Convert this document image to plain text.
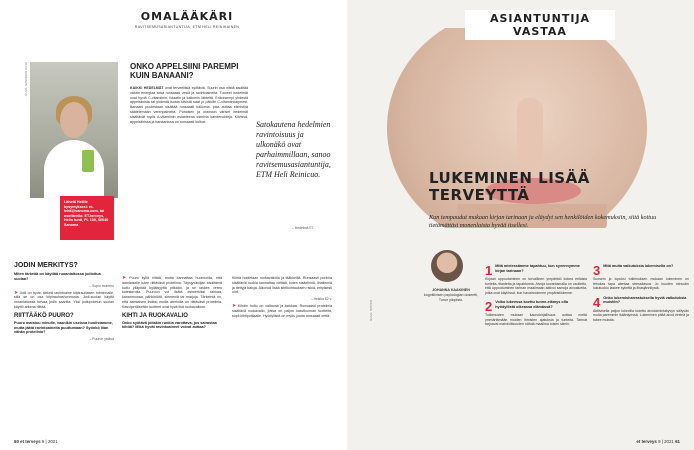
OMALÄÄKÄRI
RAVITSEMUSASIANTUNTIJA, ETM HELI REINIKAINEN
KUVA: SANOMAN KUVA
Lähetä Helille kysymyksesi: et-lehti@sanoma.com, tai osoitteella: ET-terveys, Helin tunti, PL 100, 00040 Sanoma
ONKO APPELSIINI PAREMPI KUIN BANAANI?
KAIKKI HEDELMÄT ovat terveellisiä syötäviä. Suurin osa niistä sisältää vähän energiaa sekä runsaasti vesiä ja ravintoaineita. Tuoreet hedelmät ovat hyviä C-vitamiinin, folaatin ja kaliumin lähteitä. Erikoisempi yhdestä appelsiinista tai yhdestä isosta kiivistä saat jo päivän C-vitamiinitarpeesi. Banaani puolestaan sisältää runsaasti kaliumia, joka auttaa elimistöä säätelemään verenpainetta. Punaisen ja oranssin väriset hedelmät sisältävät myös A-vitamiinin esiasteena toimivia karotenoideja. Kiivissä, appelsiinissa ja banaanissa on runsaasti kuitua.	Satokautena hedelmien ravintoisuus ja ulkonäkö ovat parhaimmillaan, sanoo ravitsemusasiantuntija, ETM Heli Reinicuo.
– Hedelmä ET
JODIN MERKITYS?
Miten tärkeää on käyttää ruoanlaitossa jodioitua suolaa?
– Sopio mummo
➤ Jodi on hyvin tärkeä ravintoaine kilpirauhasen toiminnalle, sillä se on osa kilpirauhashormonia. Jodi-suolan käyttö ruoanlaitossa turvaa jodin saantia. Yksi jodiupotetun suolan käyttö arkena riittää.
RIITTÄÄKÖ PUURO?
Puuro maistuu minulle, vaanikin useissa huolistamme, mutta jäätä ravintoaineita puuttumaan? Syönkö liian vähän proteiinia?
– Puuron ystävä
➤ Puuro kyllä riittää, mutta kannattaa huomioida, että aamiaiselle tulee riittävästi proteiinia. Täysjyväviljan sisältämä kuitu ylläpitää kylläisyyttä pitkään, ja se laskee veren kolesterolia. Puuroon voi lisätä esimerkiksi rahkaa, kananmunaa, pähkinöitä, siemeniä tai marjoja. Tärkeintä on, että aamiaisen lisäksi muilla aterioilla on riittävästi proteiinia. Kasviperäisetkin tuotteet ovat hyvä lisä ruokavalioon.
KIHTI JA RUOKAVALIO
Onko syötävä joitakin ruokia varottava, jos sairastaa kihtiä? Mikä hyvät ravintoaineet voivat auttaa?
Kihtiä hoidetaan ruokavaliolla ja lääkkeillä. Runsaasti puriinia sisältäviä ruokia kannattaa välttää, kuten sisäelimiä, lihaliemiä ja tiettyjä kaloja. Alkoholi lisää kihtikohtauksen riskiä, erityisesti olut.
– Heikko 62 v.
➤ Kihdin hoito on valtavaa ja tarkkaa. Runsaasti proteiinia sisältävä ruokavalio, jossa on paljon kasvikunnan tuotteita, sopii kihtipotilaalle. Hyödyllistä on myös juoda runsaasti vettä.
60 et terveys 9 | 2021
ASIANTUNTIJA VASTAA
LUKEMINEN LISÄÄ TERVEYTTÄ
Kun tempaudut mukaan kirjan tarinaan ja eläydyt sen henkilöiden kokemuksiin, siitä koituu tietämättäsi monenlaista hyvää itsellesi.
JOHANNA KAAKINEN
kognitiivisen psykologian dosentti, Turun yliopisto.
1 Mitä mielessämme tapahtuu, kun syvennymme kirjan tarinaan?
Kirjaan uppoutuminen on turvallinen ympäristö kokea erilaisia tunteita, tilanteita ja tapahtumia. Aivoja kuvantamalla on osoitettu, että uppoutuminen tarinan maailmaan aktivoi samoja aivoalueita, jotka ovat käytössä, kun havainnoimme ympäristöämme.
2 Voiko lukeessa koettu tunne-elämys olla hyödyllistä oikeassa elämässä?
Tutkimusten mukaan kaunokirjallisuus auttaa meitä ymmärtämään muiden ihmisten ajatuksia ja tunteita. Tarinat tarjoavat mahdollisuuden nähdä maailma toisen silmin.
3 Mitä muita vaikutuksia lukemisella on?
Suosein ja lopuksi tutkimuksen mukaan lukeminen on tehokas tapa alentaa stressitasoa. Jo kuuden minuutin lukutuokio laskee sykettä ja lihasjännitystä.
4 Onko lukemisharrastuksella hyviä vaikutuksia muistiin?
Aktiivisella paljon lukevilla todettu aivotoimintakyvyn säilyvän muita paremmin ikääntyessä. Lukeminen pitää aivot vireinä ja tukee muistia.
KUVA: ISTOCK
et terveys 9 | 2021 61
